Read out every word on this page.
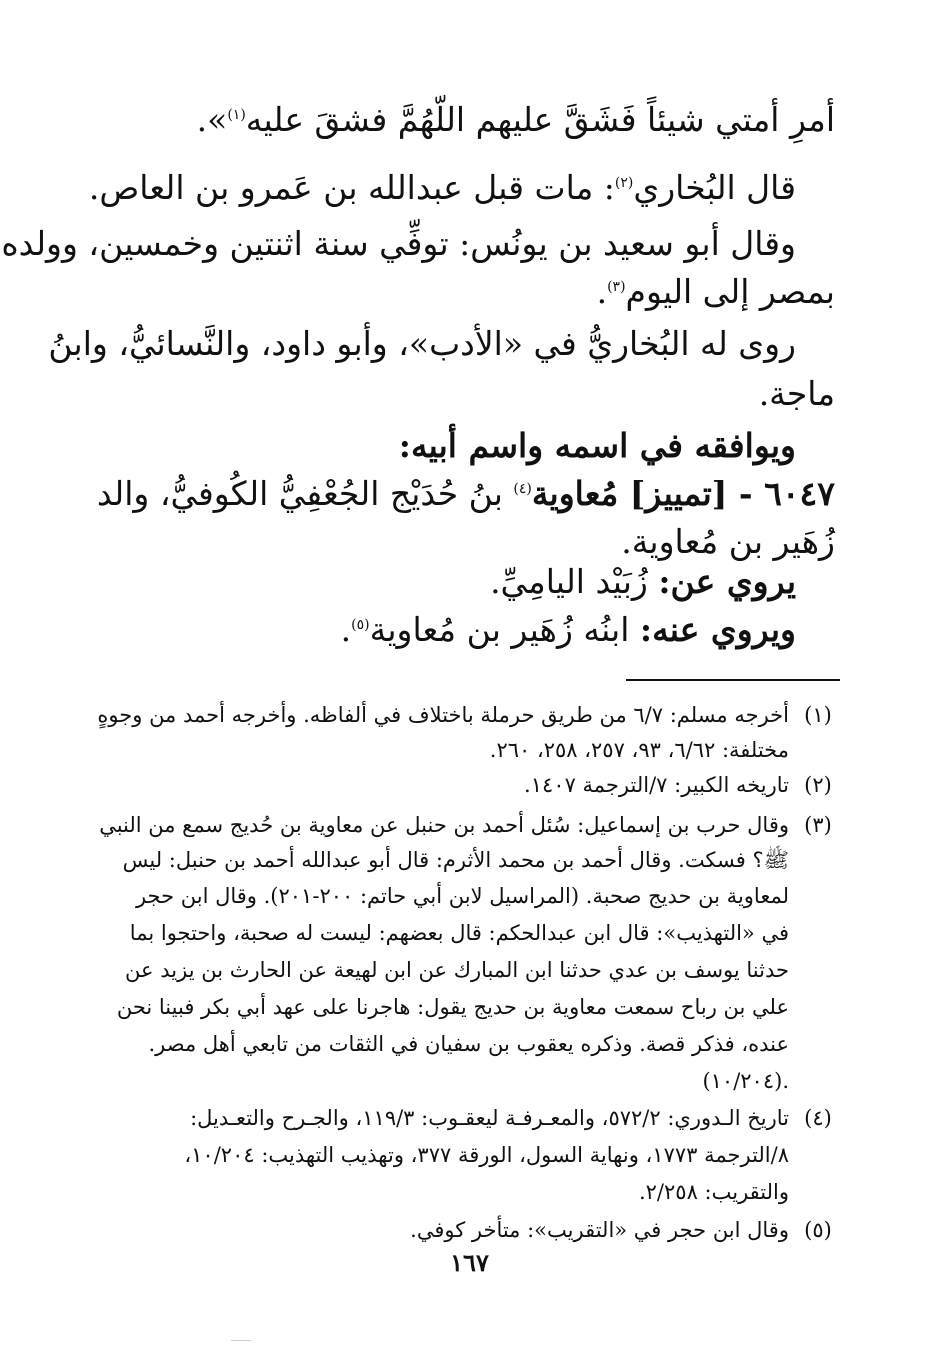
أمرِ أمتي شيئاً فَشَقَّ عليهم اللّهُمَّ فشقَ عليه$^{(١)}$».
قال البُخاري$^{(٢)}$: مات قبل عبدالله بن عَمرو بن العاص.
وقال أبو سعيد بن يونُس: توفِّي سنة اثنتين وخمسين، وولده
بمصر إلى اليوم$^{(٣)}$.
روى له البُخاريُّ في «الأدب»، وأبو داود، والنَّسائيُّ، وابنُ
ماجة.
ويوافقه في اسمه واسم أبيه:
٦٠٤٧ - [تمييز] مُعاوية$^{(٤)}$ بنُ حُدَيْج الجُعْفِيُّ الكُوفيُّ، والد
زُهَير بن مُعاوية.
يروي عن: زُبَيْد اليامِيِّ.
ويروي عنه: ابنُه زُهَير بن مُعاوية$^{(٥)}$.
(١)
أخرجه مسلم: ٦/٧ من طريق حرملة باختلاف في ألفاظه. وأخرجه أحمد من وجوهٍ
مختلفة: ٦/٦٢، ٩٣، ٢٥٧، ٢٥٨، ٢٦٠.
(٢)
تاريخه الكبير: ٧/الترجمة ١٤٠٧.
(٣)
وقال حرب بن إسماعيل: سُئل أحمد بن حنبل عن معاوية بن حُديج سمع من النبي
ﷺ؟ فسكت. وقال أحمد بن محمد الأثرم: قال أبو عبدالله أحمد بن حنبل: ليس
لمعاوية بن حديج صحبة. (المراسيل لابن أبي حاتم: ٢٠٠-٢٠١). وقال ابن حجر
في «التهذيب»: قال ابن عبدالحكم: قال بعضهم: ليست له صحبة، واحتجوا بما
حدثنا يوسف بن عدي حدثنا ابن المبارك عن ابن لهيعة عن الحارث بن يزيد عن
علي بن رباح سمعت معاوية بن حديج يقول: هاجرنا على عهد أبي بكر فبينا نحن
عنده، فذكر قصة. وذكره يعقوب بن سفيان في الثقات من تابعي أهل مصر.
(١٠/٢٠٤).
(٤)
تاريخ الـدوري: ٥٧٢/٢، والمعـرفـة ليعقـوب: ١١٩/٣، والجـرح والتعـديل:
٨/الترجمة ١٧٧٣، ونهاية السول، الورقة ٣٧٧، وتهذيب التهذيب: ١٠/٢٠٤،
والتقريب: ٢/٢٥٨.
(٥)
وقال ابن حجر في «التقريب»: متأخر كوفي.
١٦٧
